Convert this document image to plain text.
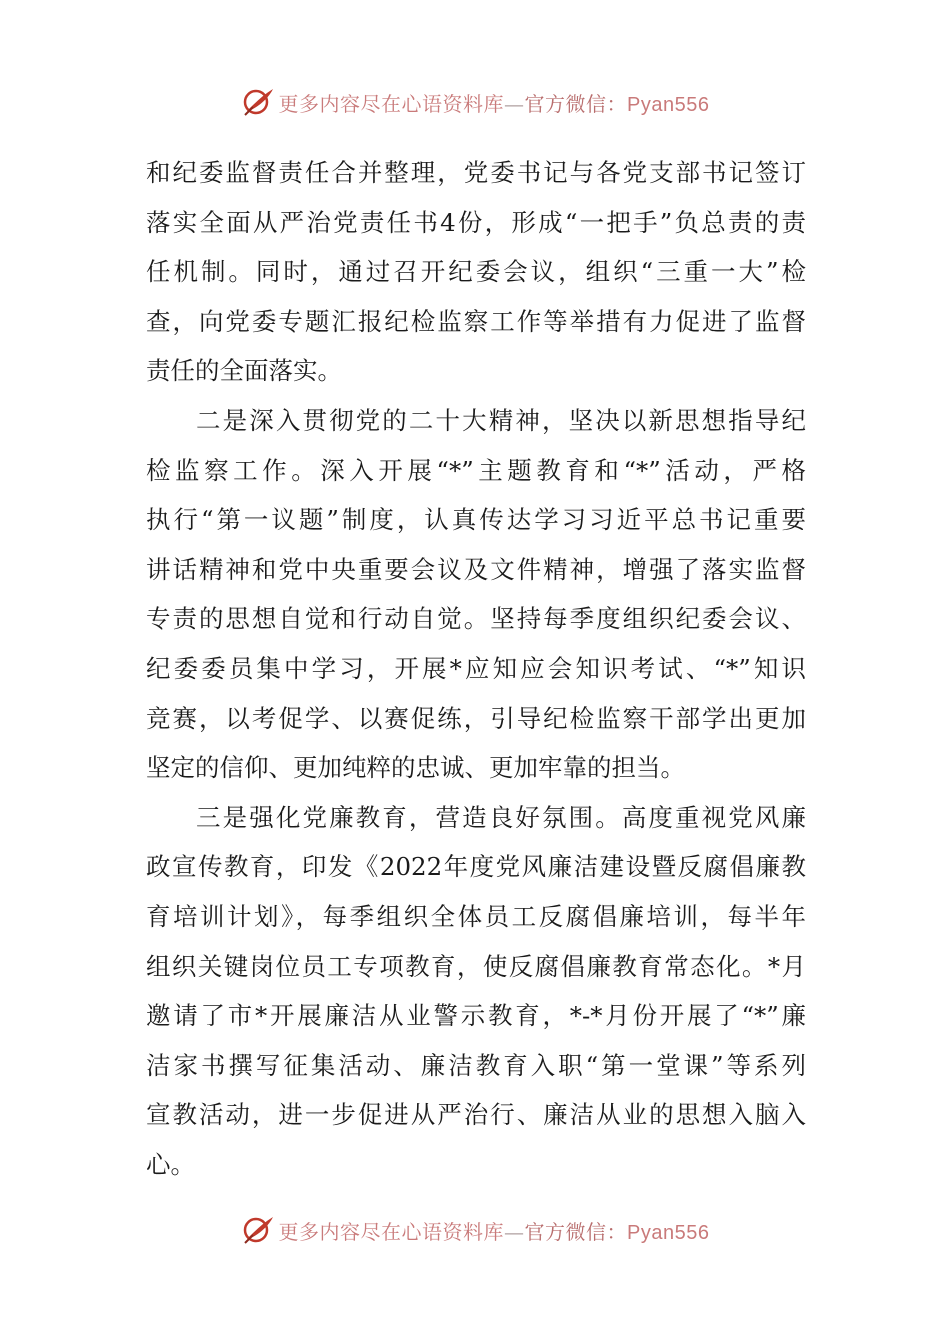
更多内容尽在心语资料库—官方微信：Pyan556
和纪委监督责任合并整理，党委书记与各党支部书记签订
落实全面从严治党责任书4份，形成“一把手”负总责的责
任机制。同时，通过召开纪委会议，组织“三重一大”检
查，向党委专题汇报纪检监察工作等举措有力促进了监督
责任的全面落实。
二是深入贯彻党的二十大精神，坚决以新思想指导纪
检监察工作。深入开展“*”主题教育和“*”活动，严格
执行“第一议题”制度，认真传达学习习近平总书记重要
讲话精神和党中央重要会议及文件精神，增强了落实监督
专责的思想自觉和行动自觉。坚持每季度组织纪委会议、
纪委委员集中学习，开展*应知应会知识考试、“*”知识
竞赛，以考促学、以赛促练，引导纪检监察干部学出更加
坚定的信仰、更加纯粹的忠诚、更加牢靠的担当。
三是强化党廉教育，营造良好氛围。高度重视党风廉
政宣传教育，印发《2022年度党风廉洁建设暨反腐倡廉教
育培训计划》，每季组织全体员工反腐倡廉培训，每半年
组织关键岗位员工专项教育，使反腐倡廉教育常态化。*月
邀请了市*开展廉洁从业警示教育，*-*月份开展了“*”廉
洁家书撰写征集活动、廉洁教育入职“第一堂课”等系列
宣教活动，进一步促进从严治行、廉洁从业的思想入脑入
心。
更多内容尽在心语资料库—官方微信：Pyan556
